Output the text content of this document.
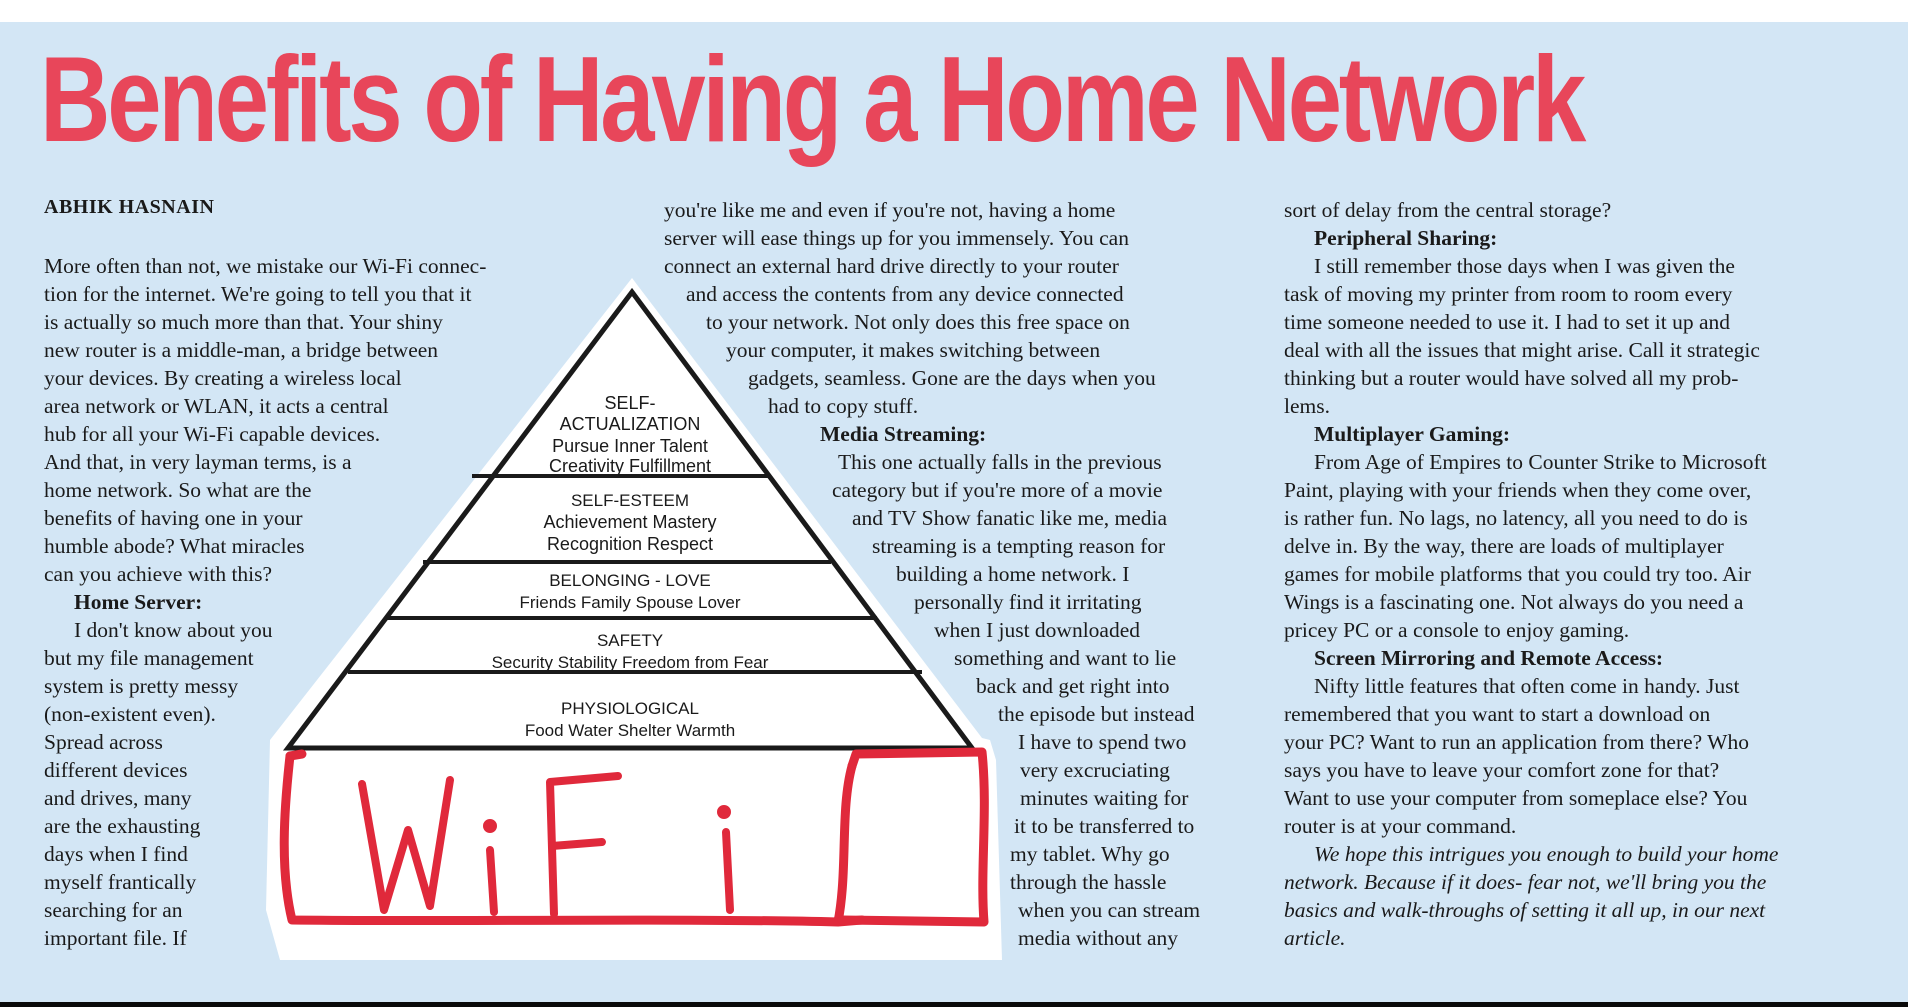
Benefits of Having a Home Network
ABHIK HASNAIN
SELF-
ACTUALIZATION
Pursue Inner Talent
Creativity Fulfillment
SELF-ESTEEM
Achievement Mastery
Recognition Respect
BELONGING - LOVE
Friends Family Spouse Lover
SAFETY
Security Stability Freedom from Fear
PHYSIOLOGICAL
Food Water Shelter Warmth
More often than not, we mistake our Wi-Fi connec-
tion for the internet. We're going to tell you that it
is actually so much more than that. Your shiny
new router is a middle-man, a bridge between
your devices. By creating a wireless local
area network or WLAN, it acts a central
hub for all your Wi-Fi capable devices.
And that, in very layman terms, is a
home network. So what are the
benefits of having one in your
humble abode? What miracles
can you achieve with this?
Home Server:
I don't know about you
but my file management
system is pretty messy
(non-existent even).
Spread across
different devices
and drives, many
are the exhausting
days when I find
myself frantically
searching for an
important file. If
you're like me and even if you're not, having a home
server will ease things up for you immensely. You can
connect an external hard drive directly to your router
and access the contents from any device connected
to your network. Not only does this free space on
your computer, it makes switching between
gadgets, seamless. Gone are the days when you
had to copy stuff.
Media Streaming:
This one actually falls in the previous
category but if you're more of a movie
and TV Show fanatic like me, media
streaming is a tempting reason for
building a home network. I
personally find it irritating
when I just downloaded
something and want to lie
back and get right into
the episode but instead
I have to spend two
very excruciating
minutes waiting for
it to be transferred to
my tablet. Why go
through the hassle
when you can stream
media without any
sort of delay from the central storage?
Peripheral Sharing:
I still remember those days when I was given the
task of moving my printer from room to room every
time someone needed to use it. I had to set it up and
deal with all the issues that might arise. Call it strategic
thinking but a router would have solved all my prob-
lems.
Multiplayer Gaming:
From Age of Empires to Counter Strike to Microsoft
Paint, playing with your friends when they come over,
is rather fun. No lags, no latency, all you need to do is
delve in. By the way, there are loads of multiplayer
games for mobile platforms that you could try too. Air
Wings is a fascinating one. Not always do you need a
pricey PC or a console to enjoy gaming.
Screen Mirroring and Remote Access:
Nifty little features that often come in handy. Just
remembered that you want to start a download on
your PC? Want to run an application from there? Who
says you have to leave your comfort zone for that?
Want to use your computer from someplace else? You
router is at your command.
We hope this intrigues you enough to build your home
network. Because if it does- fear not, we'll bring you the
basics and walk-throughs of setting it all up, in our next
article.
